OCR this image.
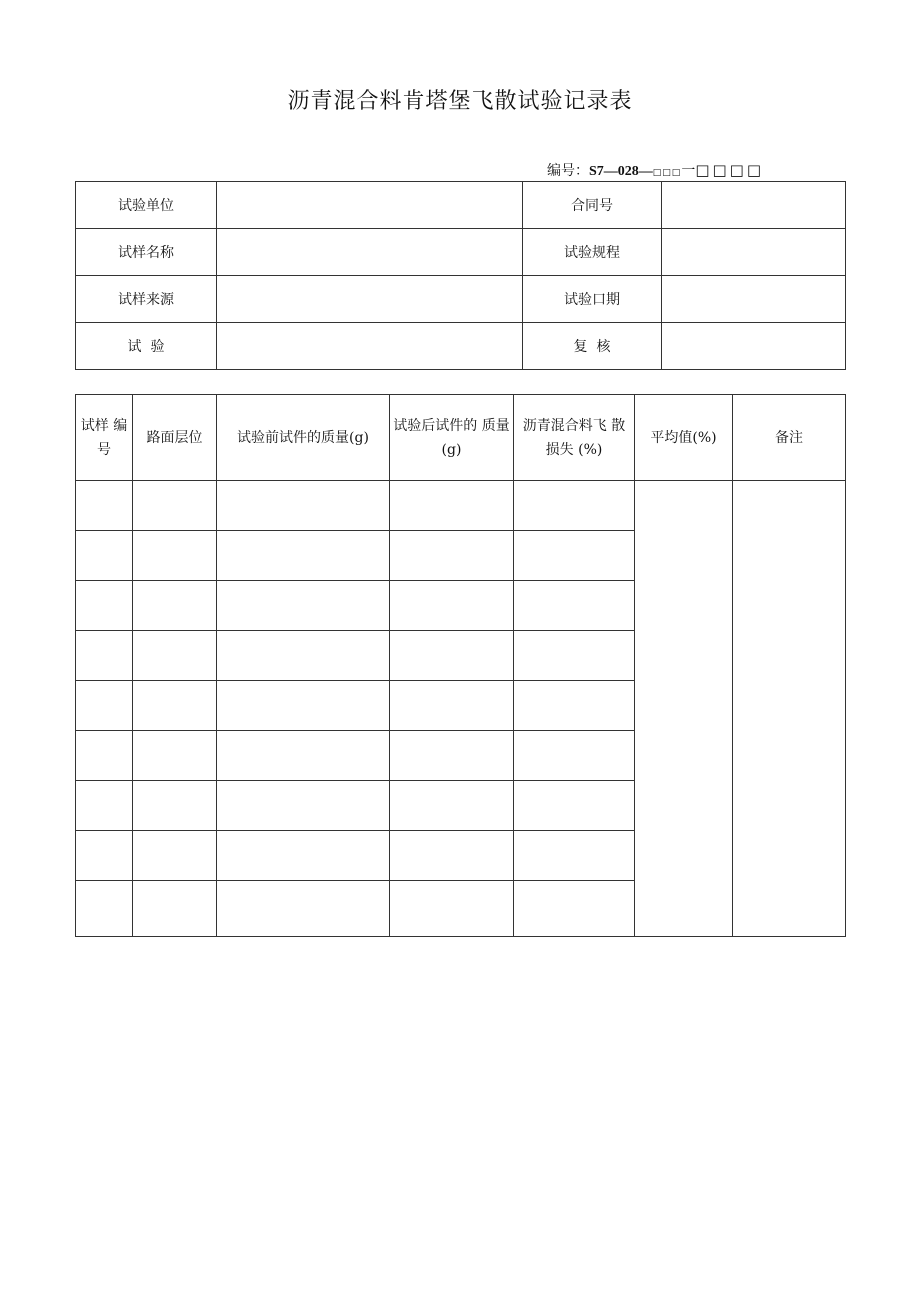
沥青混合料肯塔堡飞散试验记录表
编号：S7—028—□□□一□□□□
试验单位		合同号	
试样名称		试验规程	
试样来源		试验口期	
试  验		复  核	
试样 编号	路面层位	试验前试件的质量(g)	试验后试件的 质量(g)	沥青混合料飞 散损失 (%)	平均值(%)	备注
